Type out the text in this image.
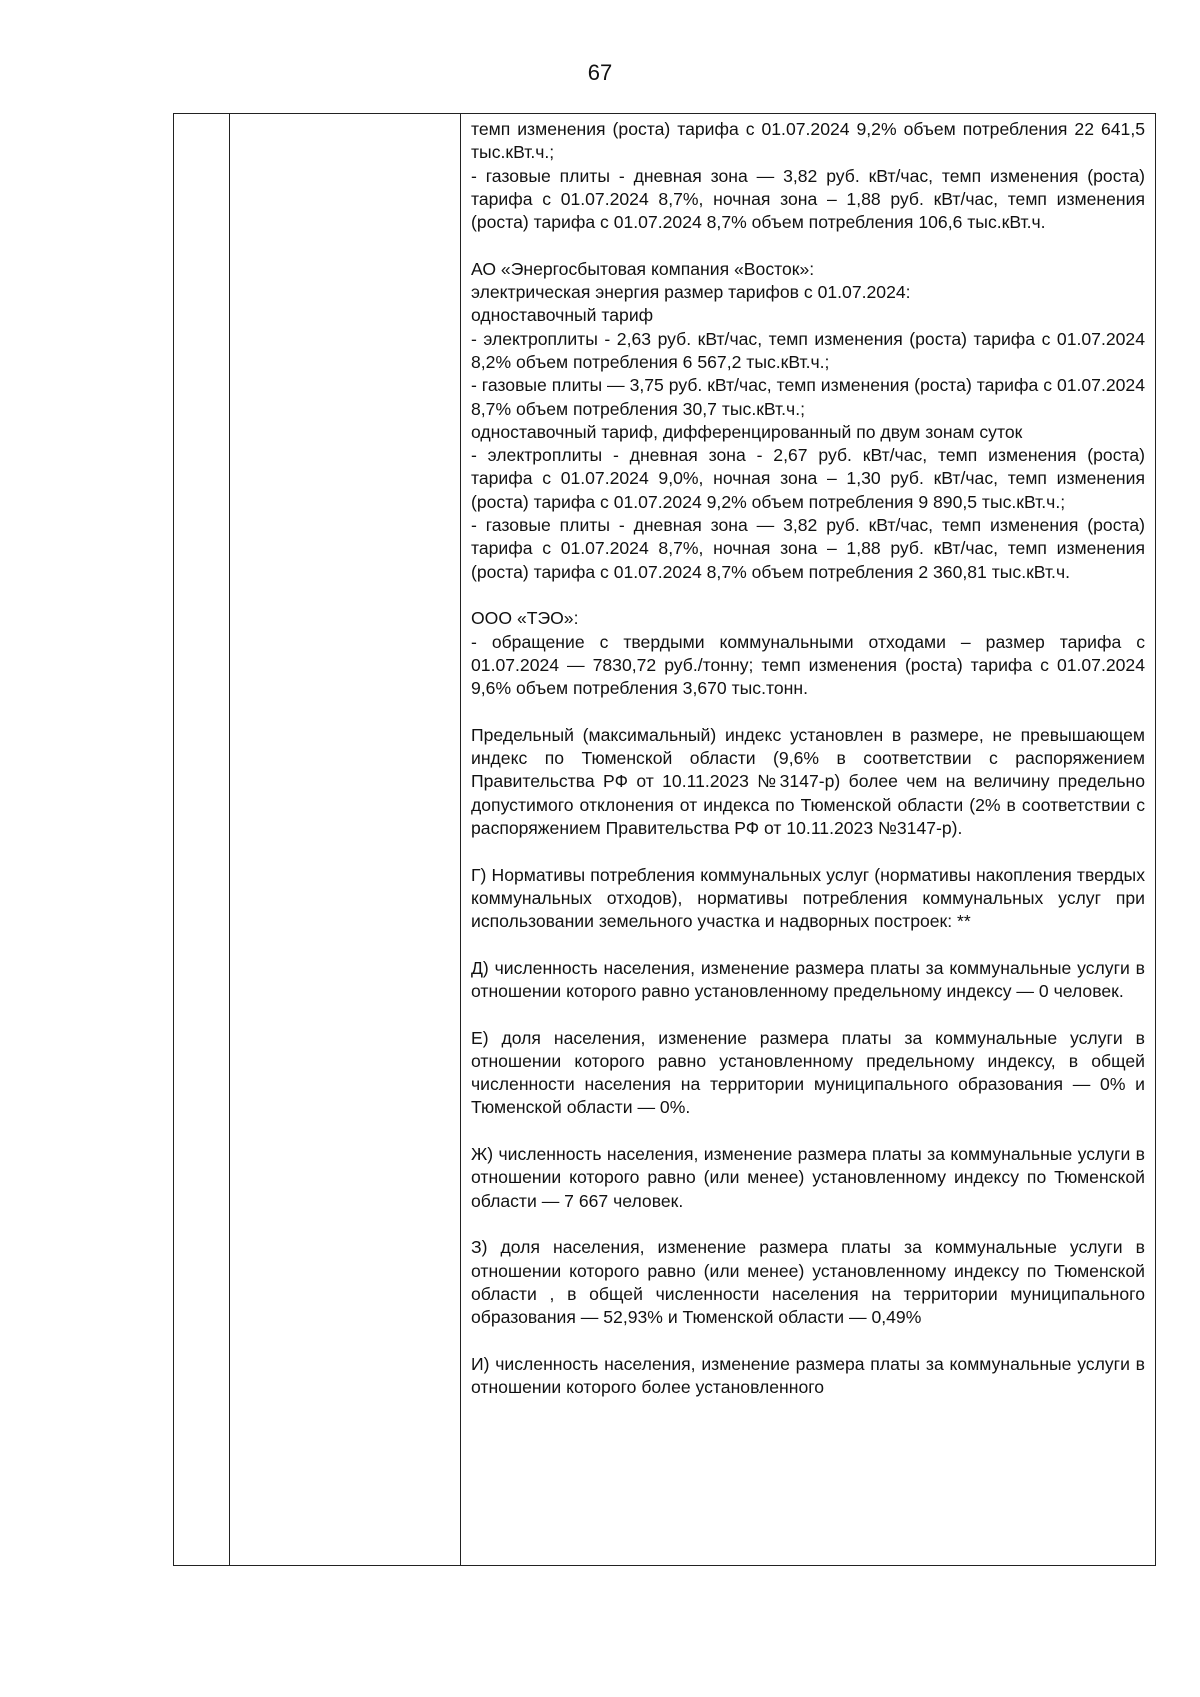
67

темп изменения (роста) тарифа с 01.07.2024 9,2% объем потребления 22 641,5 тыс.кВт.ч.;
- газовые плиты - дневная зона — 3,82 руб. кВт/час, темп изменения (роста) тарифа с 01.07.2024 8,7%, ночная зона – 1,88 руб. кВт/час, темп изменения (роста) тарифа с 01.07.2024 8,7% объем потребления 106,6 тыс.кВт.ч.
АО «Энергосбытовая компания «Восток»:
электрическая энергия размер тарифов с 01.07.2024:
одноставочный тариф
- электроплиты - 2,63 руб. кВт/час, темп изменения (роста) тарифа с 01.07.2024 8,2% объем потребления 6 567,2 тыс.кВт.ч.;
- газовые плиты — 3,75 руб. кВт/час, темп изменения (роста) тарифа с 01.07.2024 8,7% объем потребления 30,7 тыс.кВт.ч.;
одноставочный тариф, дифференцированный по двум зонам суток
- электроплиты - дневная зона - 2,67 руб. кВт/час, темп изменения (роста) тарифа с 01.07.2024 9,0%, ночная зона – 1,30 руб. кВт/час, темп изменения (роста) тарифа с 01.07.2024 9,2% объем потребления 9 890,5 тыс.кВт.ч.;
- газовые плиты - дневная зона — 3,82 руб. кВт/час, темп изменения (роста) тарифа с 01.07.2024 8,7%, ночная зона – 1,88 руб. кВт/час, темп изменения (роста) тарифа с 01.07.2024 8,7% объем потребления 2 360,81 тыс.кВт.ч.
ООО «ТЭО»:
- обращение с твердыми коммунальными отходами – размер тарифа с 01.07.2024 — 7830,72 руб./тонну; темп изменения (роста) тарифа с 01.07.2024 9,6% объем потребления 3,670 тыс.тонн.
Предельный (максимальный) индекс установлен в размере, не превышающем индекс по Тюменской области (9,6% в соответствии с распоряжением Правительства РФ от 10.11.2023 №3147-р) более чем на величину предельно допустимого отклонения от индекса по Тюменской области (2% в соответствии с распоряжением Правительства РФ от 10.11.2023 №3147-р).
Г) Нормативы потребления коммунальных услуг (нормативы накопления твердых коммунальных отходов), нормативы потребления коммунальных услуг при использовании земельного участка и надворных построек: **
Д) численность населения, изменение размера платы за коммунальные услуги в отношении которого равно установленному предельному индексу — 0 человек.
Е) доля населения, изменение размера платы за коммунальные услуги в отношении которого равно установленному предельному индексу, в общей численности населения на территории муниципального образования — 0% и Тюменской области — 0%.
Ж) численность населения, изменение размера платы за коммунальные услуги в отношении которого равно (или менее) установленному индексу по Тюменской области — 7 667 человек.
З) доля населения, изменение размера платы за коммунальные услуги в отношении которого равно (или менее) установленному индексу по Тюменской области , в общей численности населения на территории муниципального образования — 52,93% и Тюменской области — 0,49%
И) численность населения, изменение размера платы за коммунальные услуги в отношении которого более установленного
